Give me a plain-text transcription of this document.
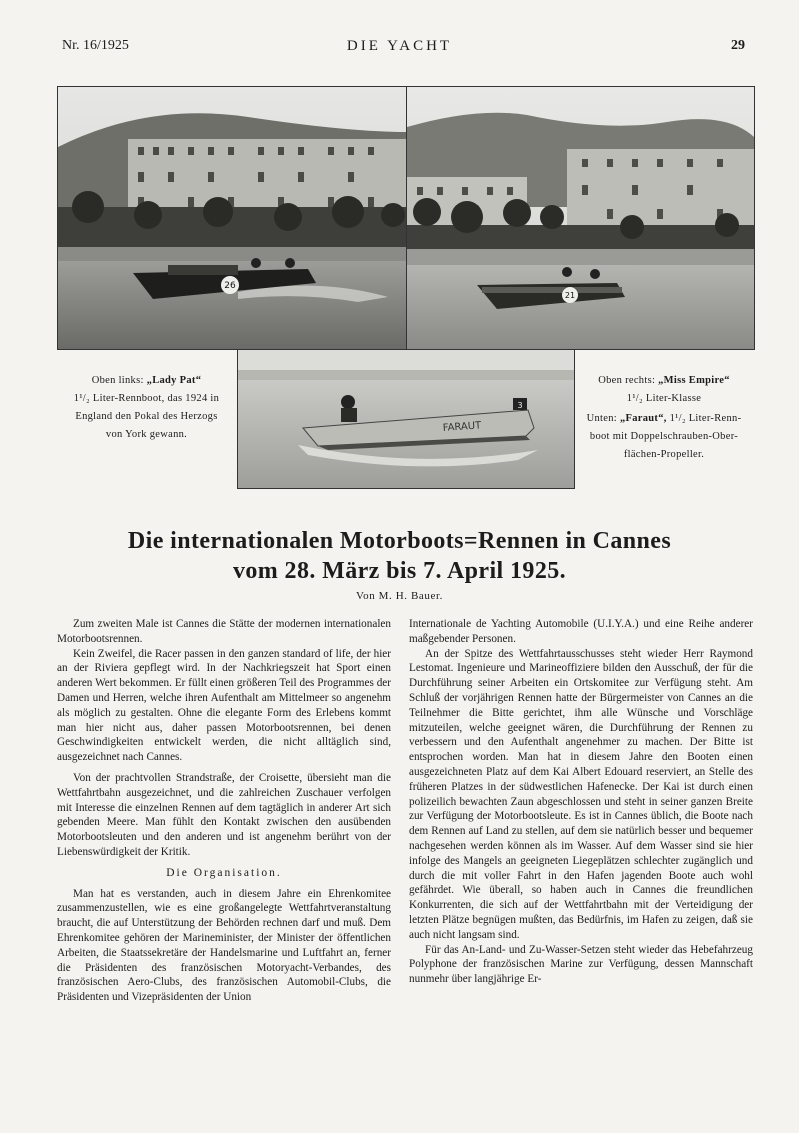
Nr. 16/1925	DIE YACHT	29
26
21
3
FARAUT
Oben links: „Lady Pat“
1¹/₂ Liter-Rennboot, das 1924 in
England den Pokal des Herzogs
von York gewann.
Oben rechts: „Miss Empire“
1¹/₂ Liter-Klasse
Unten: „Faraut“, 1¹/₂ Liter-Renn-
boot mit Doppelschrauben-Ober-
flächen-Propeller.
Die internationalen Motorboots=Rennen in Cannes
vom 28. März bis 7. April 1925.
Von M. H. Bauer.

Zum zweiten Male ist Cannes die Stätte der modernen internationalen Motorbootsrennen.

Kein Zweifel, die Racer passen in den ganzen standard of life, der hier an der Riviera gepflegt wird. In der Nachkriegszeit hat Sport einen anderen Wert bekommen. Er füllt einen größeren Teil des Programmes der Damen und Herren, welche ihren Aufenthalt am Mittelmeer so angenehm als möglich zu gestalten. Ohne die elegante Form des Erlebens kommt man hier nicht aus, daher passen Motorbootsrennen, bei denen Geschwindigkeiten entwickelt werden, die nicht alltäglich sind, ausgezeichnet nach Cannes.

Von der prachtvollen Strandstraße, der Croisette, übersieht man die Wettfahrtbahn ausgezeichnet, und die zahlreichen Zuschauer verfolgen mit Interesse die einzelnen Rennen auf dem tagtäglich in anderer Art sich gebenden Meere. Man fühlt den Kontakt zwischen den ausübenden Motorbootsleuten und den anderen und ist angenehm berührt von der Liebenswürdigkeit der Kritik.

Die Organisation.

Man hat es verstanden, auch in diesem Jahre ein Ehrenkomitee zusammenzustellen, wie es eine großangelegte Wettfahrtveranstaltung braucht, die auf Unterstützung der Behörden rechnen darf und muß. Dem Ehrenkomitee gehören der Marineminister, der Minister der öffentlichen Arbeiten, die Staatssekretäre der Handelsmarine und Luftfahrt an, ferner die Präsidenten des französischen Motoryacht-Verbandes, des französischen Aero-Clubs, des französischen Automobil-Clubs, die Präsidenten und Vizepräsidenten der Union

Internationale de Yachting Automobile (U.I.Y.A.) und eine Reihe anderer maßgebender Personen.

An der Spitze des Wettfahrtausschusses steht wieder Herr Raymond Lestomat. Ingenieure und Marineoffiziere bilden den Ausschuß, der für die Durchführung seiner Arbeiten ein Ortskomitee zur Verfügung steht. Am Schluß der vorjährigen Rennen hatte der Bürgermeister von Cannes an die Teilnehmer die Bitte gerichtet, ihm alle Wünsche und Vorschläge mitzuteilen, welche geeignet wären, die Durchführung der Rennen zu verbessern und den Aufenthalt angenehmer zu machen. Der Bitte ist entsprochen worden. Man hat in diesem Jahre den Booten einen ausgezeichneten Platz auf dem Kai Albert Edouard reserviert, an Stelle des früheren Platzes in der südwestlichen Hafenecke. Der Kai ist durch einen polizeilich bewachten Zaun abgeschlossen und steht in seiner ganzen Breite zur Verfügung der Motorbootsleute. Es ist in Cannes üblich, die Boote nach dem Rennen auf Land zu stellen, auf dem sie natürlich besser und bequemer nachgesehen werden können als im Wasser. Auf dem Wasser sind sie hier infolge des Mangels an geeigneten Liegeplätzen schlechter zugänglich und durch die mit voller Fahrt in den Hafen jagenden Boote auch wohl gefährdet. Wie überall, so haben auch in Cannes die freundlichen Konkurrenten, die sich auf der Wettfahrtbahn mit der Verteidigung der letzten Plätze begnügen mußten, das Bedürfnis, im Hafen zu zeigen, daß sie auch nicht langsam sind.

Für das An-Land- und Zu-Wasser-Setzen steht wieder das Hebefahrzeug Polyphone der französischen Marine zur Verfügung, dessen Mannschaft nunmehr über langjährige Er-
